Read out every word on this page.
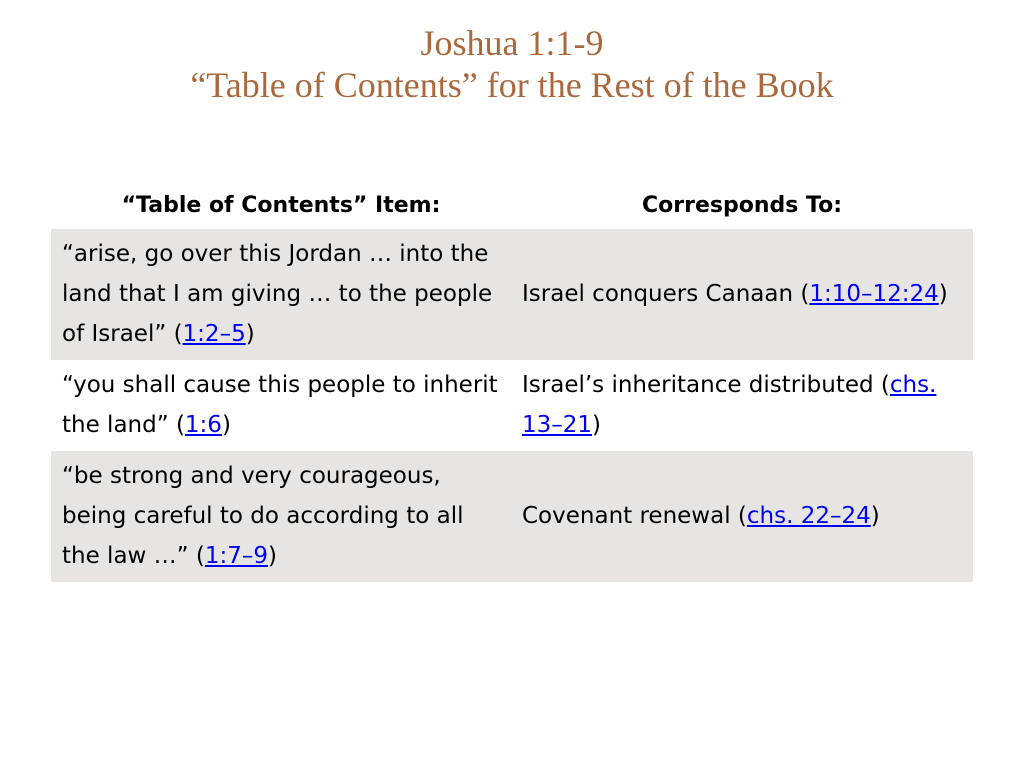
Joshua 1:1-9
“Table of Contents” for the Rest of the Book
“Table of Contents” Item:	Corresponds To:
“arise, go over this Jordan … into the land that I am giving … to the people of Israel” (1:2–5)	Israel conquers Canaan (1:10–12:24)
“you shall cause this people to inherit the land” (1:6)	Israel’s inheritance distributed (chs. 13–21)
“be strong and very courageous, being careful to do according to all the law …” (1:7–9)	Covenant renewal (chs. 22–24)
